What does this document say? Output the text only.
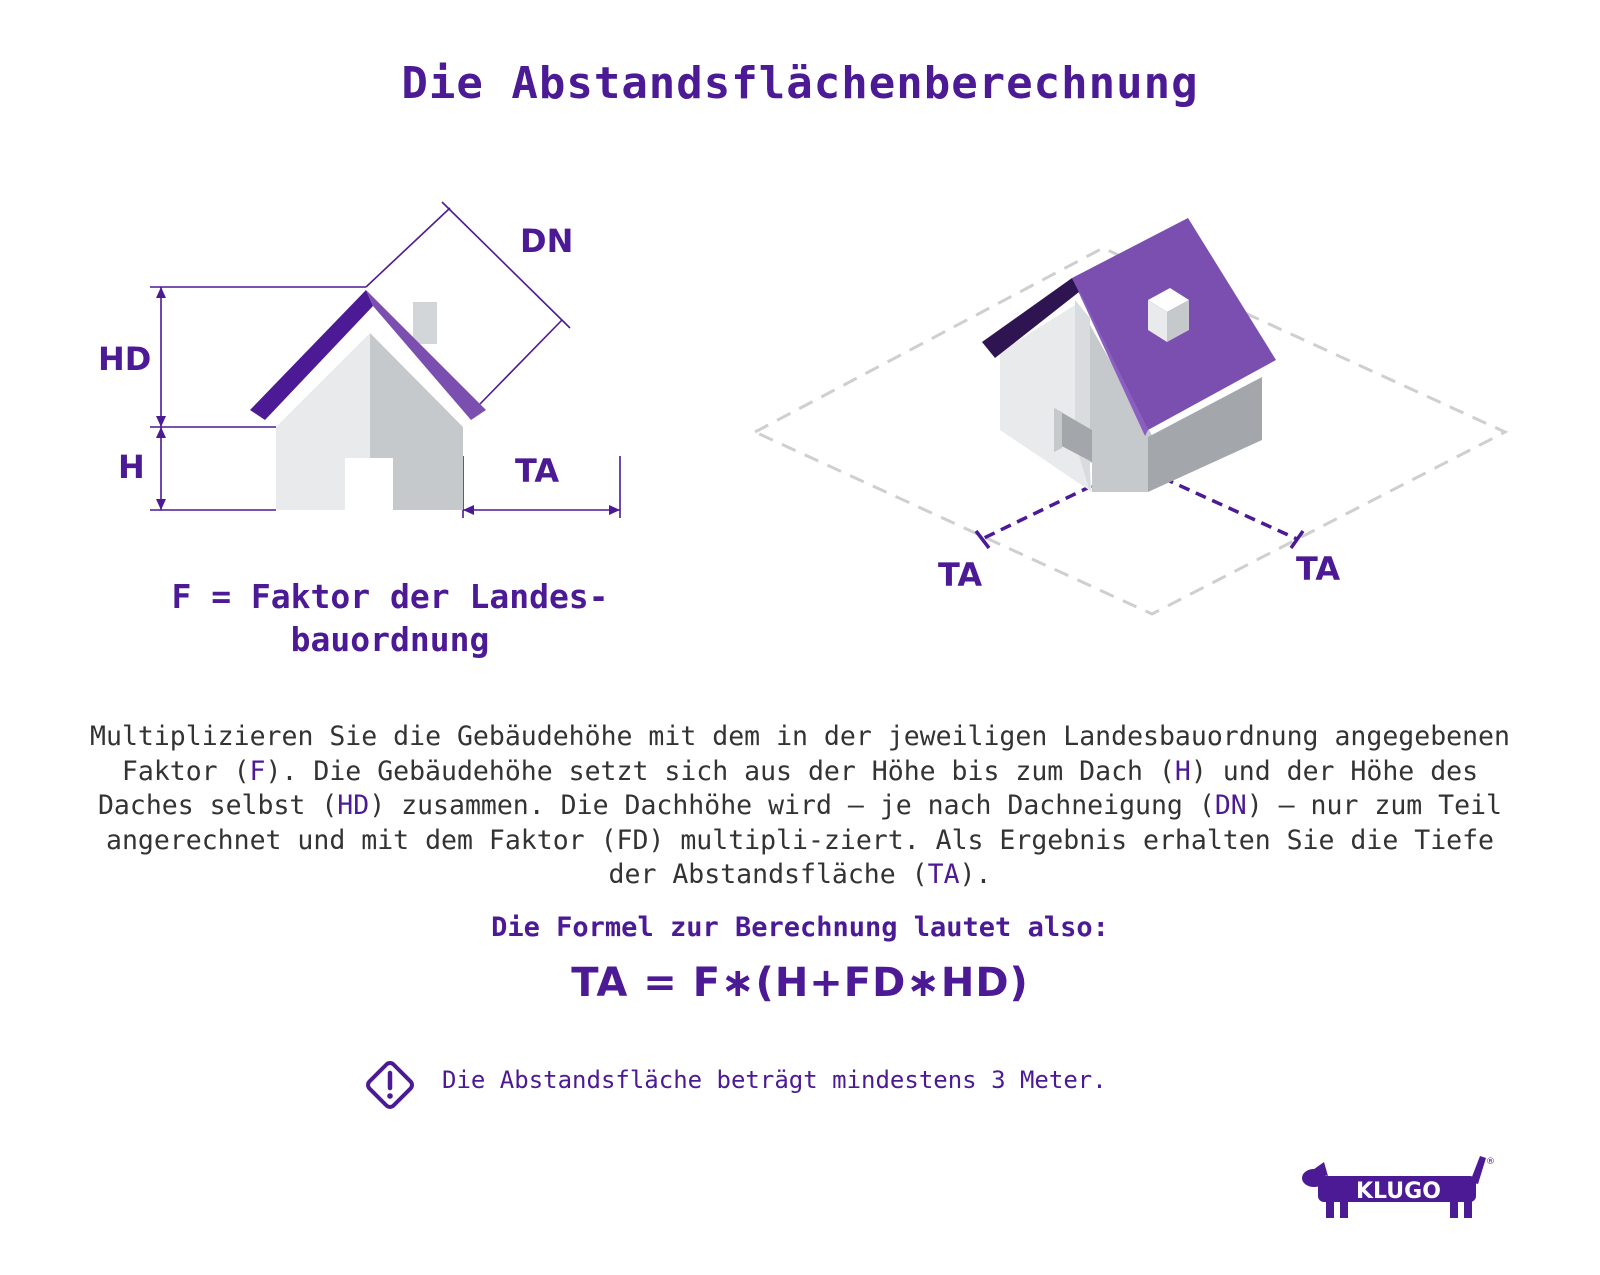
Die Abstandsflächenberechnung
DN
HD
H	TA
TA	TA
F = Faktor der Landes-
bauordnung
Multiplizieren Sie die Gebäudehöhe mit dem in der jeweiligen Landesbauordnung angegebenen Faktor (F). Die Gebäudehöhe setzt sich aus der Höhe bis zum Dach (H) und der Höhe des Daches selbst (HD) zusammen. Die Dachhöhe wird – je nach Dachneigung (DN) – nur zum Teil angerechnet und mit dem Faktor (FD) multipli-ziert. Als Ergebnis erhalten Sie die Tiefe der Abstandsfläche (TA).
Die Formel zur Berechnung lautet also:
TA = F∗(H+FD∗HD)
Die Abstandsfläche beträgt mindestens 3 Meter.
KLUGO
®
